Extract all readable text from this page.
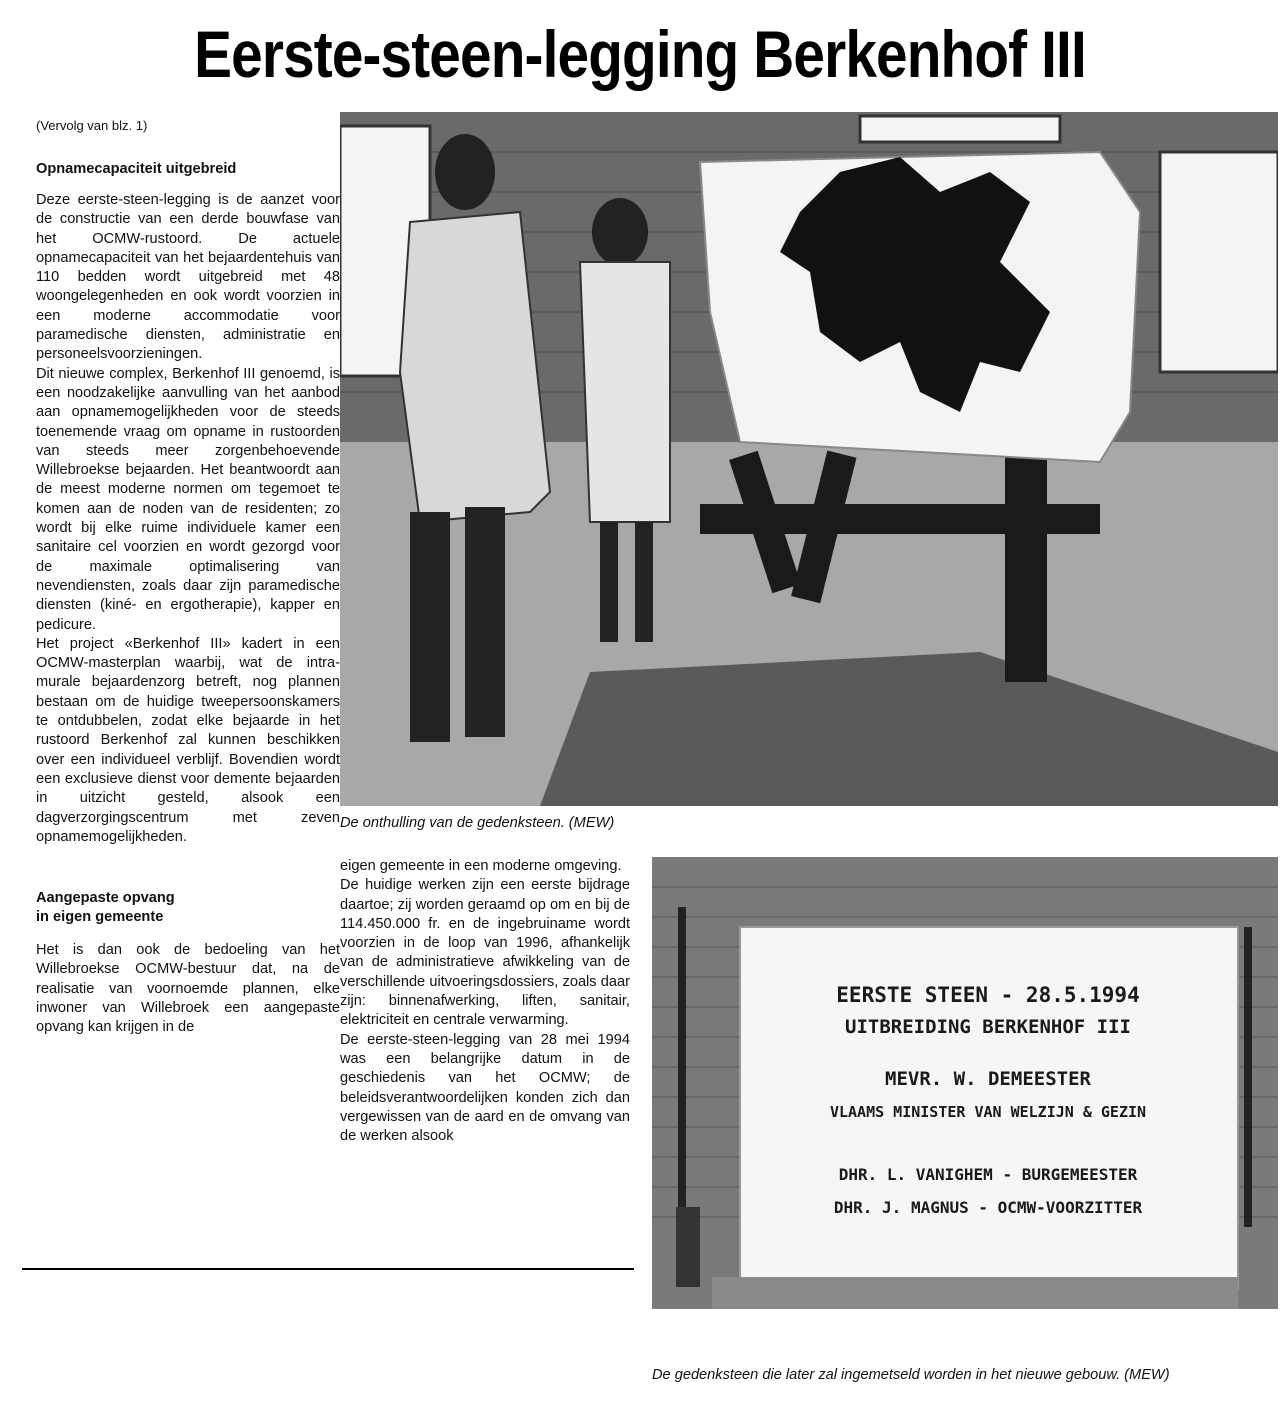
Eerste-steen-legging Berkenhof III
(Vervolg van blz. 1)

Opnamecapaciteit uitgebreid

Deze eerste-steen-legging is de aanzet voor de constructie van een derde bouwfase van het OCMW-rustoord. De actuele opnamecapaciteit van het bejaardentehuis van 110 bedden wordt uitgebreid met 48 woongelegenheden en ook wordt voorzien in een moderne accommodatie voor paramedische diensten, administratie en personeelsvoorzieningen.

Dit nieuwe complex, Berkenhof III genoemd, is een noodzakelijke aanvulling van het aanbod aan opnamemogelijkheden voor de steeds toenemende vraag om opname in rustoorden van steeds meer zorgenbehoevende Willebroekse bejaarden. Het beantwoordt aan de meest moderne normen om tegemoet te komen aan de noden van de residenten; zo wordt bij elke ruime individuele kamer een sanitaire cel voorzien en wordt gezorgd voor de maximale optimalisering van nevendiensten, zoals daar zijn paramedische diensten (kiné- en ergotherapie), kapper en pedicure.

Het project «Berkenhof III» kadert in een OCMW-masterplan waarbij, wat de intra-murale bejaardenzorg betreft, nog plannen bestaan om de huidige tweepersoonskamers te ontdubbelen, zodat elke bejaarde in het rustoord Berkenhof zal kunnen beschikken over een individueel verblijf. Bovendien wordt een exclusieve dienst voor demente bejaarden in uitzicht gesteld, alsook een dagverzorgingscentrum met zeven opnamemogelijkheden.

Aangepaste opvang

in eigen gemeente

Het is dan ook de bedoeling van het Willebroekse OCMW-bestuur dat, na de realisatie van voornoemde plannen, elke inwoner van Willebroek een aangepaste opvang kan krijgen in de

eigen gemeente in een moderne omgeving.

De huidige werken zijn een eerste bijdrage daartoe; zij worden geraamd op om en bij de 114.450.000 fr. en de ingebruiname wordt voorzien in de loop van 1996, afhankelijk van de administratieve afwikkeling van de verschillende uitvoeringsdossiers, zoals daar zijn: binnenafwerking, liften, sanitair, elektriciteit en centrale verwarming.

De eerste-steen-legging van 28 mei 1994 was een belangrijke datum in de geschiedenis van het OCMW; de beleidsverantwoordelijken konden zich dan vergewissen van de aard en de omvang van de werken alsook

De onthulling van de gedenksteen. (MEW)
EERSTE STEEN - 28.5.1994
UITBREIDING BERKENHOF III
MEVR. W. DEMEESTER
VLAAMS MINISTER VAN WELZIJN & GEZIN
DHR. L. VANIGHEM - BURGEMEESTER
DHR. J. MAGNUS - OCMW-VOORZITTER
De gedenksteen die later zal ingemetseld worden in het nieuwe gebouw. (MEW)
